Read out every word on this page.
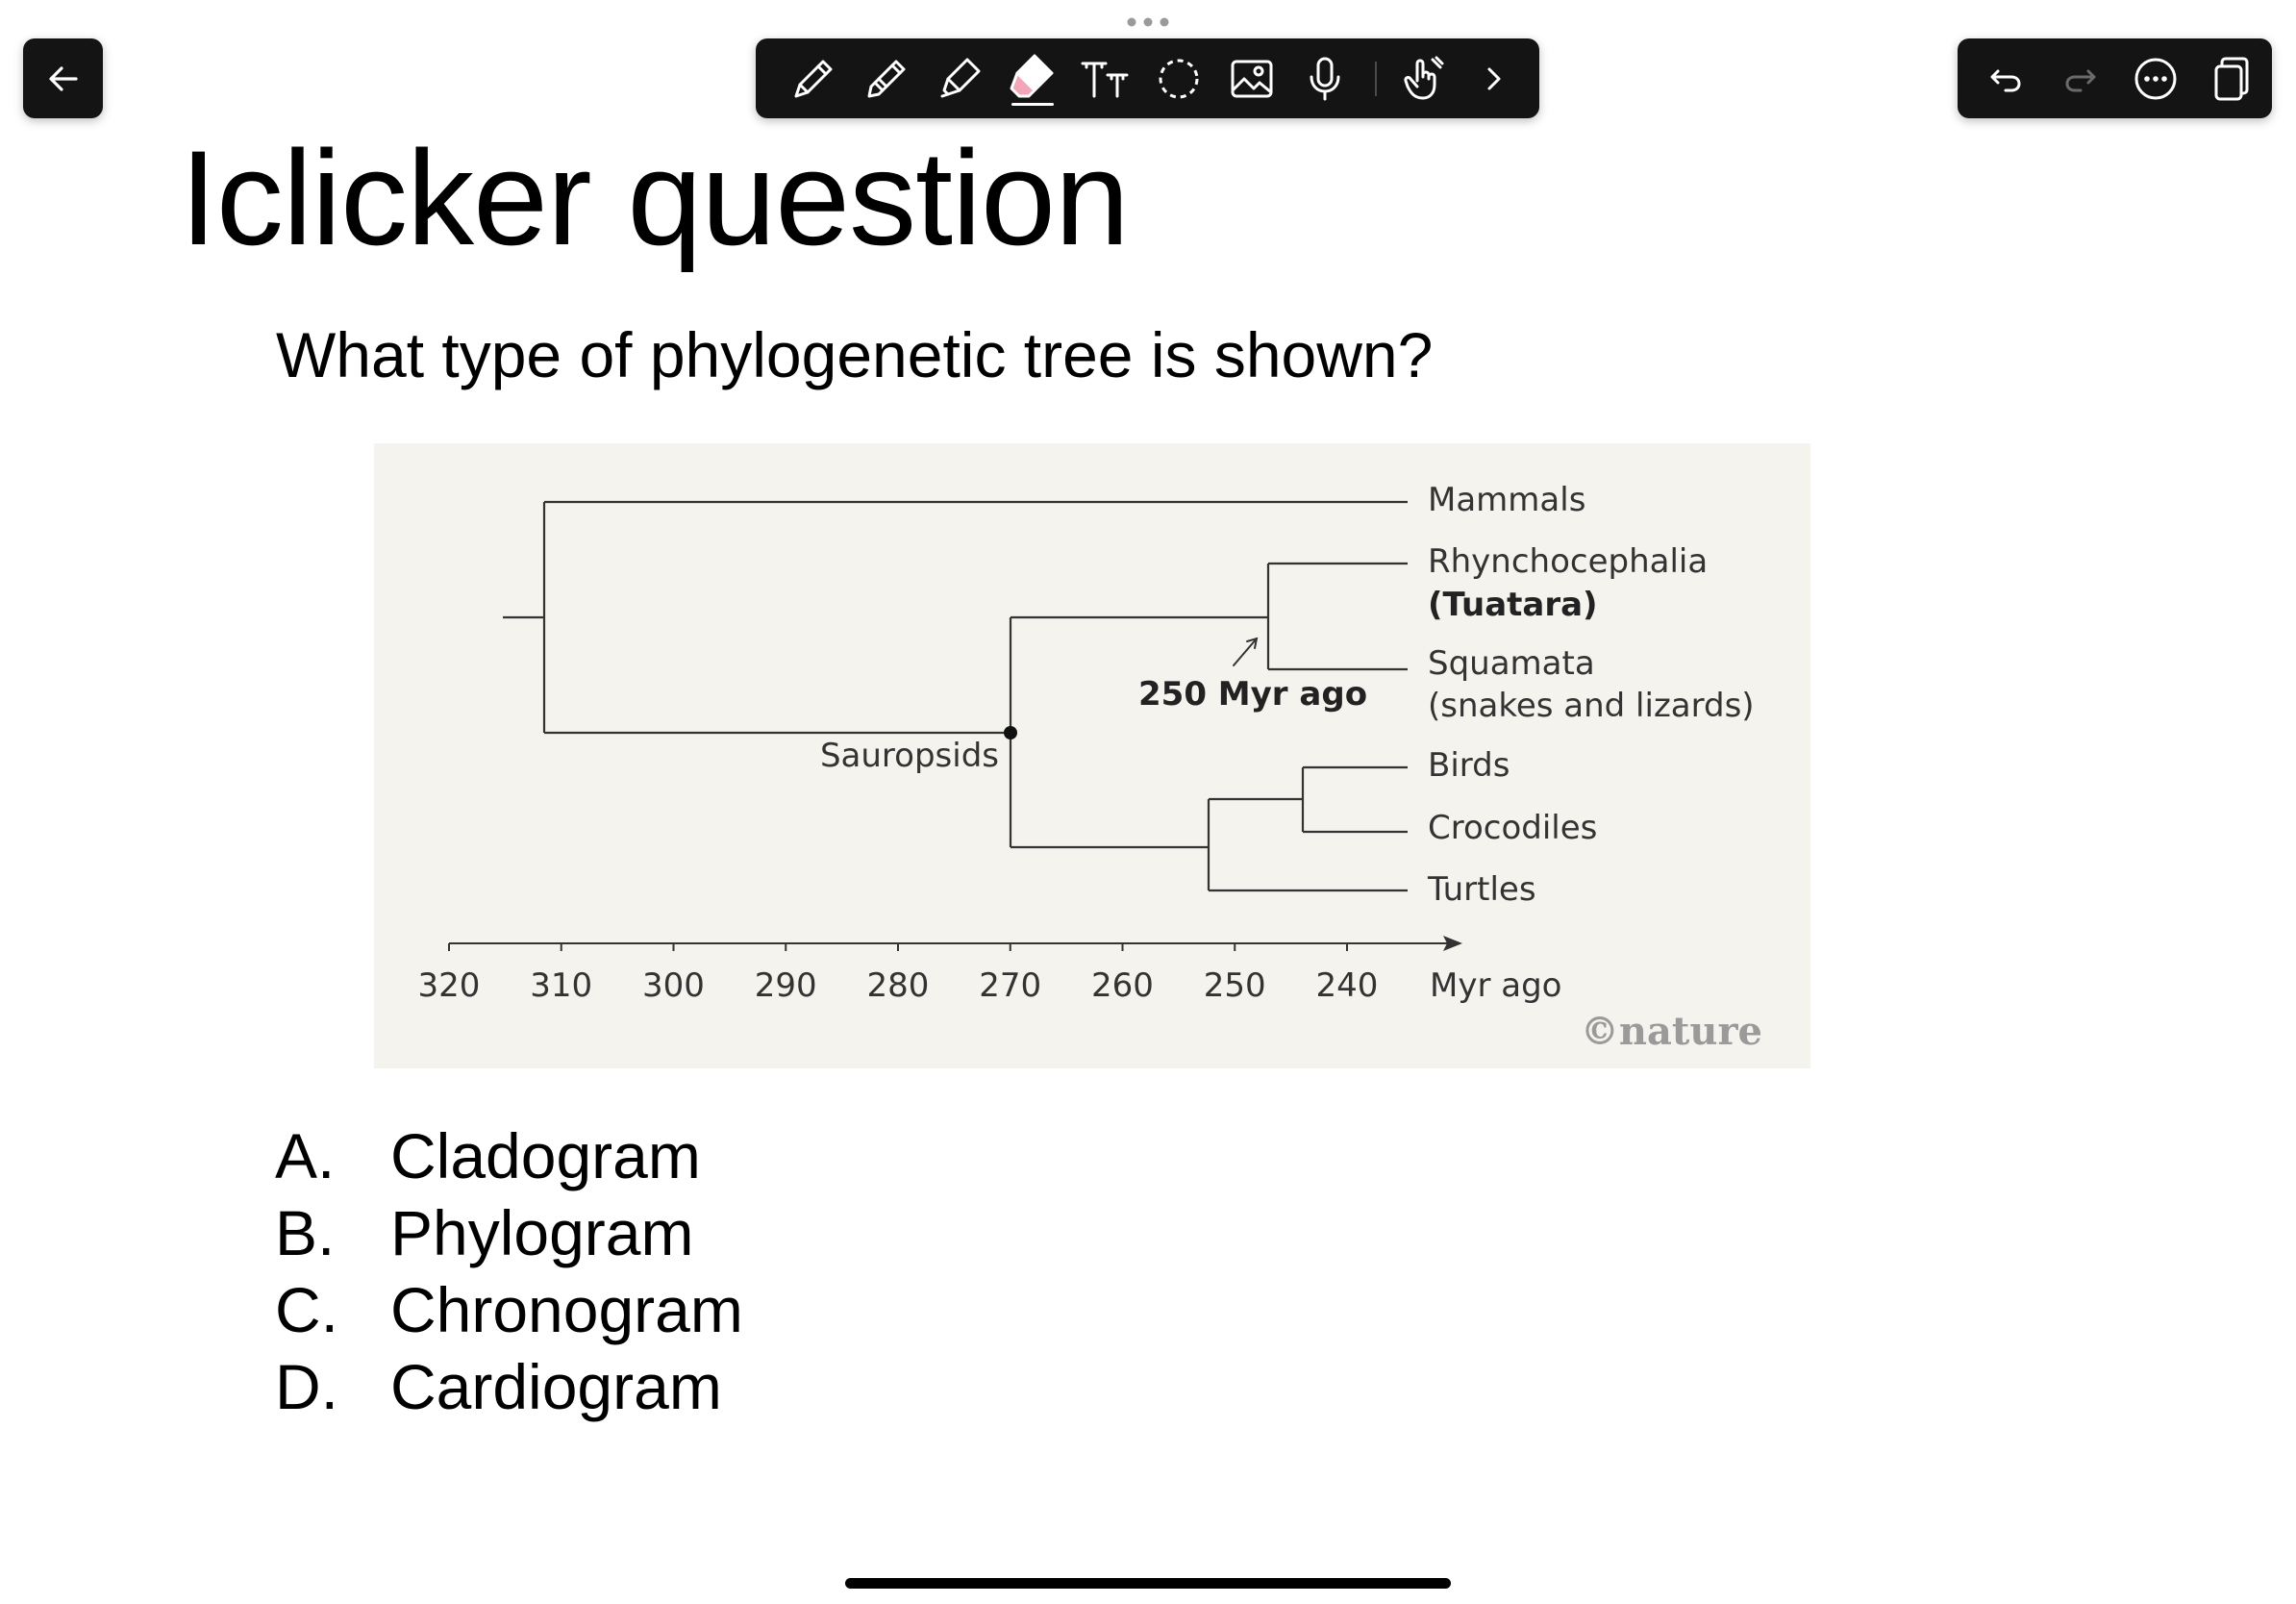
Iclicker question
What type of phylogenetic tree is shown?
Mammals
Rhynchocephalia
(Tuatara)
Squamata
(snakes and lizards)
Birds
Crocodiles
Turtles
250 Myr ago
Sauropsids
320 310 300 290 280 270 260 250 240 Myr ago
©nature
A. Cladogram
B. Phylogram
C. Chronogram
D. Cardiogram
